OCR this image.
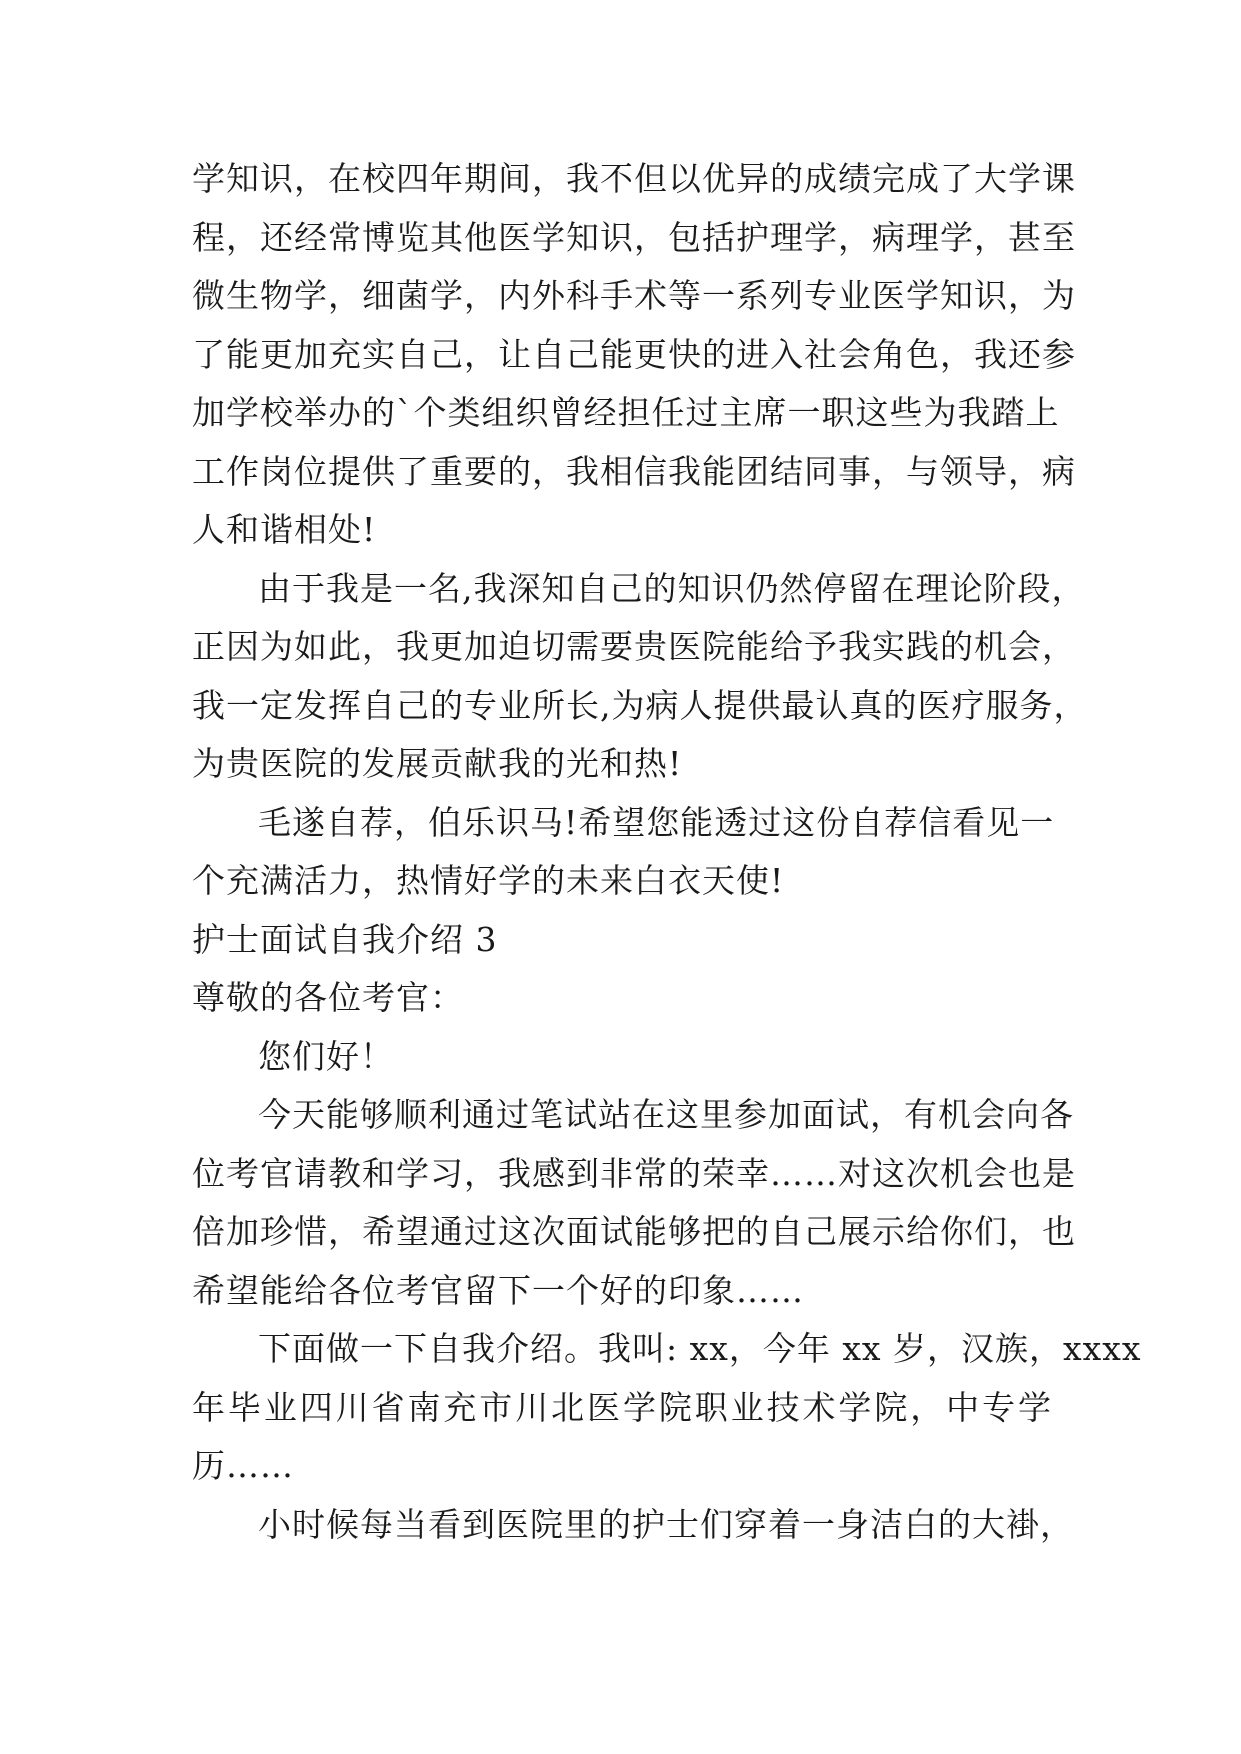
学知识，在校四年期间，我不但以优异的成绩完成了大学课
程，还经常博览其他医学知识，包括护理学，病理学，甚至
微生物学，细菌学，内外科手术等一系列专业医学知识，为
了能更加充实自己，让自己能更快的进入社会角色，我还参
加学校举办的`个类组织曾经担任过主席一职这些为我踏上
工作岗位提供了重要的，我相信我能团结同事，与领导，病
人和谐相处!
由于我是一名,我深知自己的知识仍然停留在理论阶段，
正因为如此，我更加迫切需要贵医院能给予我实践的机会，
我一定发挥自己的专业所长,为病人提供最认真的医疗服务，
为贵医院的发展贡献我的光和热!
毛遂自荐，伯乐识马!希望您能透过这份自荐信看见一
个充满活力，热情好学的未来白衣天使!
护士面试自我介绍 3
尊敬的各位考官：
您们好！
今天能够顺利通过笔试站在这里参加面试，有机会向各
位考官请教和学习，我感到非常的荣幸……对这次机会也是
倍加珍惜，希望通过这次面试能够把的自己展示给你们，也
希望能给各位考官留下一个好的印象……
下面做一下自我介绍。我叫: xx，今年 xx 岁，汉族，xxxx
年毕业四川省南充市川北医学院职业技术学院，中专学
历……
小时候每当看到医院里的护士们穿着一身洁白的大褂，
